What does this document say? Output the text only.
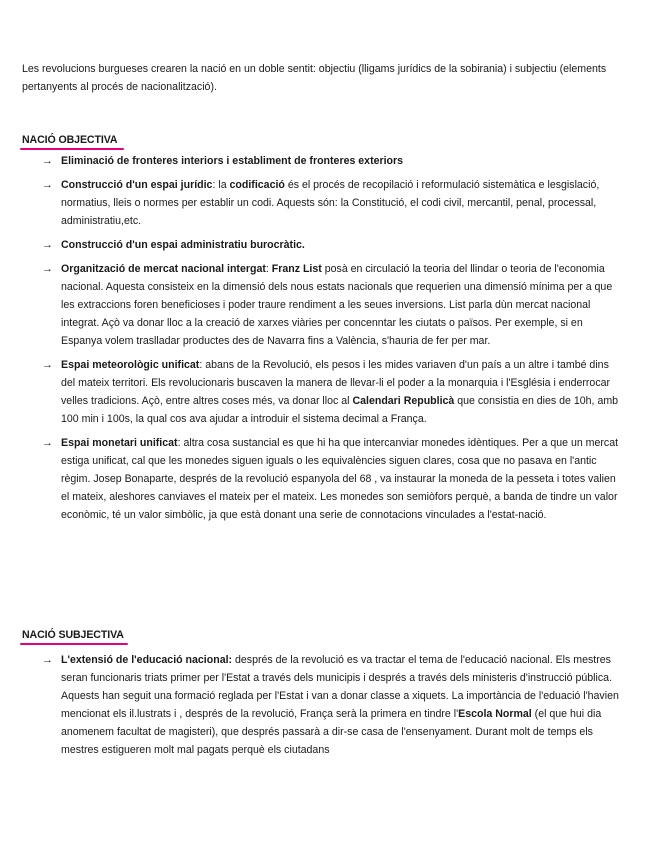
Les revolucions burgueses crearen la nació en un doble sentit: objectiu (lligams jurídics de la sobirania) i subjectiu (elements pertanyents al procés de nacionalització).

NACIÓ OBJECTIVA
→ Eliminació de fronteres interiors i establiment de fronteres exteriors
→ Construcció d'un espai jurídic: la codificació és el procés de recopilació i reformulació sistemàtica e lesgislació, normatius, lleis o normes per establir un codi. Aquests són: la Constitució, el codi civil, mercantil, penal, processal, administratiu,etc.
→ Construcció d'un espai administratiu burocràtic.
→ Organització de mercat nacional intergat: Franz List posà en circulació la teoria del llindar o teoria de l'economia nacional. Aquesta consisteix en la dimensió dels nous estats nacionals que requerien una dimensió mínima per a que les extraccions foren beneficioses i poder traure rendiment a les seues inversions. List parla dùn mercat nacional integrat. Açò va donar lloc a la creació de xarxes viàries per concenntar les ciutats o països. Per exemple, si en Espanya volem traslladar productes des de Navarra fins a València, s'hauria de fer per mar.
→ Espai meteorològic unificat: abans de la Revolució, els pesos i les mides variaven d'un país a un altre i també dins del mateix territori. Els revolucionaris buscaven la manera de llevar-li el poder a la monarquia i l'Església i enderrocar velles tradicions. Açò, entre altres coses més, va donar lloc al Calendari Republicà que consistia en dies de 10h, amb 100 min i 100s, la qual cos ava ajudar a introduir el sistema decimal a França.
→ Espai monetari unificat: altra cosa sustancial es que hi ha que intercanviar monedes idèntiques. Per a que un mercat estiga unificat, cal que les monedes siguen iguals o les equivalències siguen clares, cosa que no pasava en l'antic règim. Josep Bonaparte, després de la revolució espanyola del 68 , va instaurar la moneda de la pesseta i totes valien el mateix, aleshores canviaves el mateix per el mateix. Les monedes son semiòfors perquè, a banda de tindre un valor econòmic, té un valor simbòlic, ja que està donant una serie de connotacions vinculades a l'estat-nació.
NACIÓ SUBJECTIVA
→ L'extensió de l'educació nacional: després de la revolució es va tractar el tema de l'educació nacional. Els mestres seran funcionaris triats primer per l'Estat a través dels municipis i després a través dels ministeris d'instrucció pública. Aquests han seguit una formació reglada per l'Estat i van a donar classe a xiquets. La importància de l'eduació l'havien mencionat els il.lustrats i , després de la revolució, França serà la primera en tindre l'Escola Normal (el que hui dia anomenem facultat de magisteri), que després passarà a dir-se casa de l'ensenyament. Durant molt de temps els mestres estigueren molt mal pagats perquè els ciutadans
